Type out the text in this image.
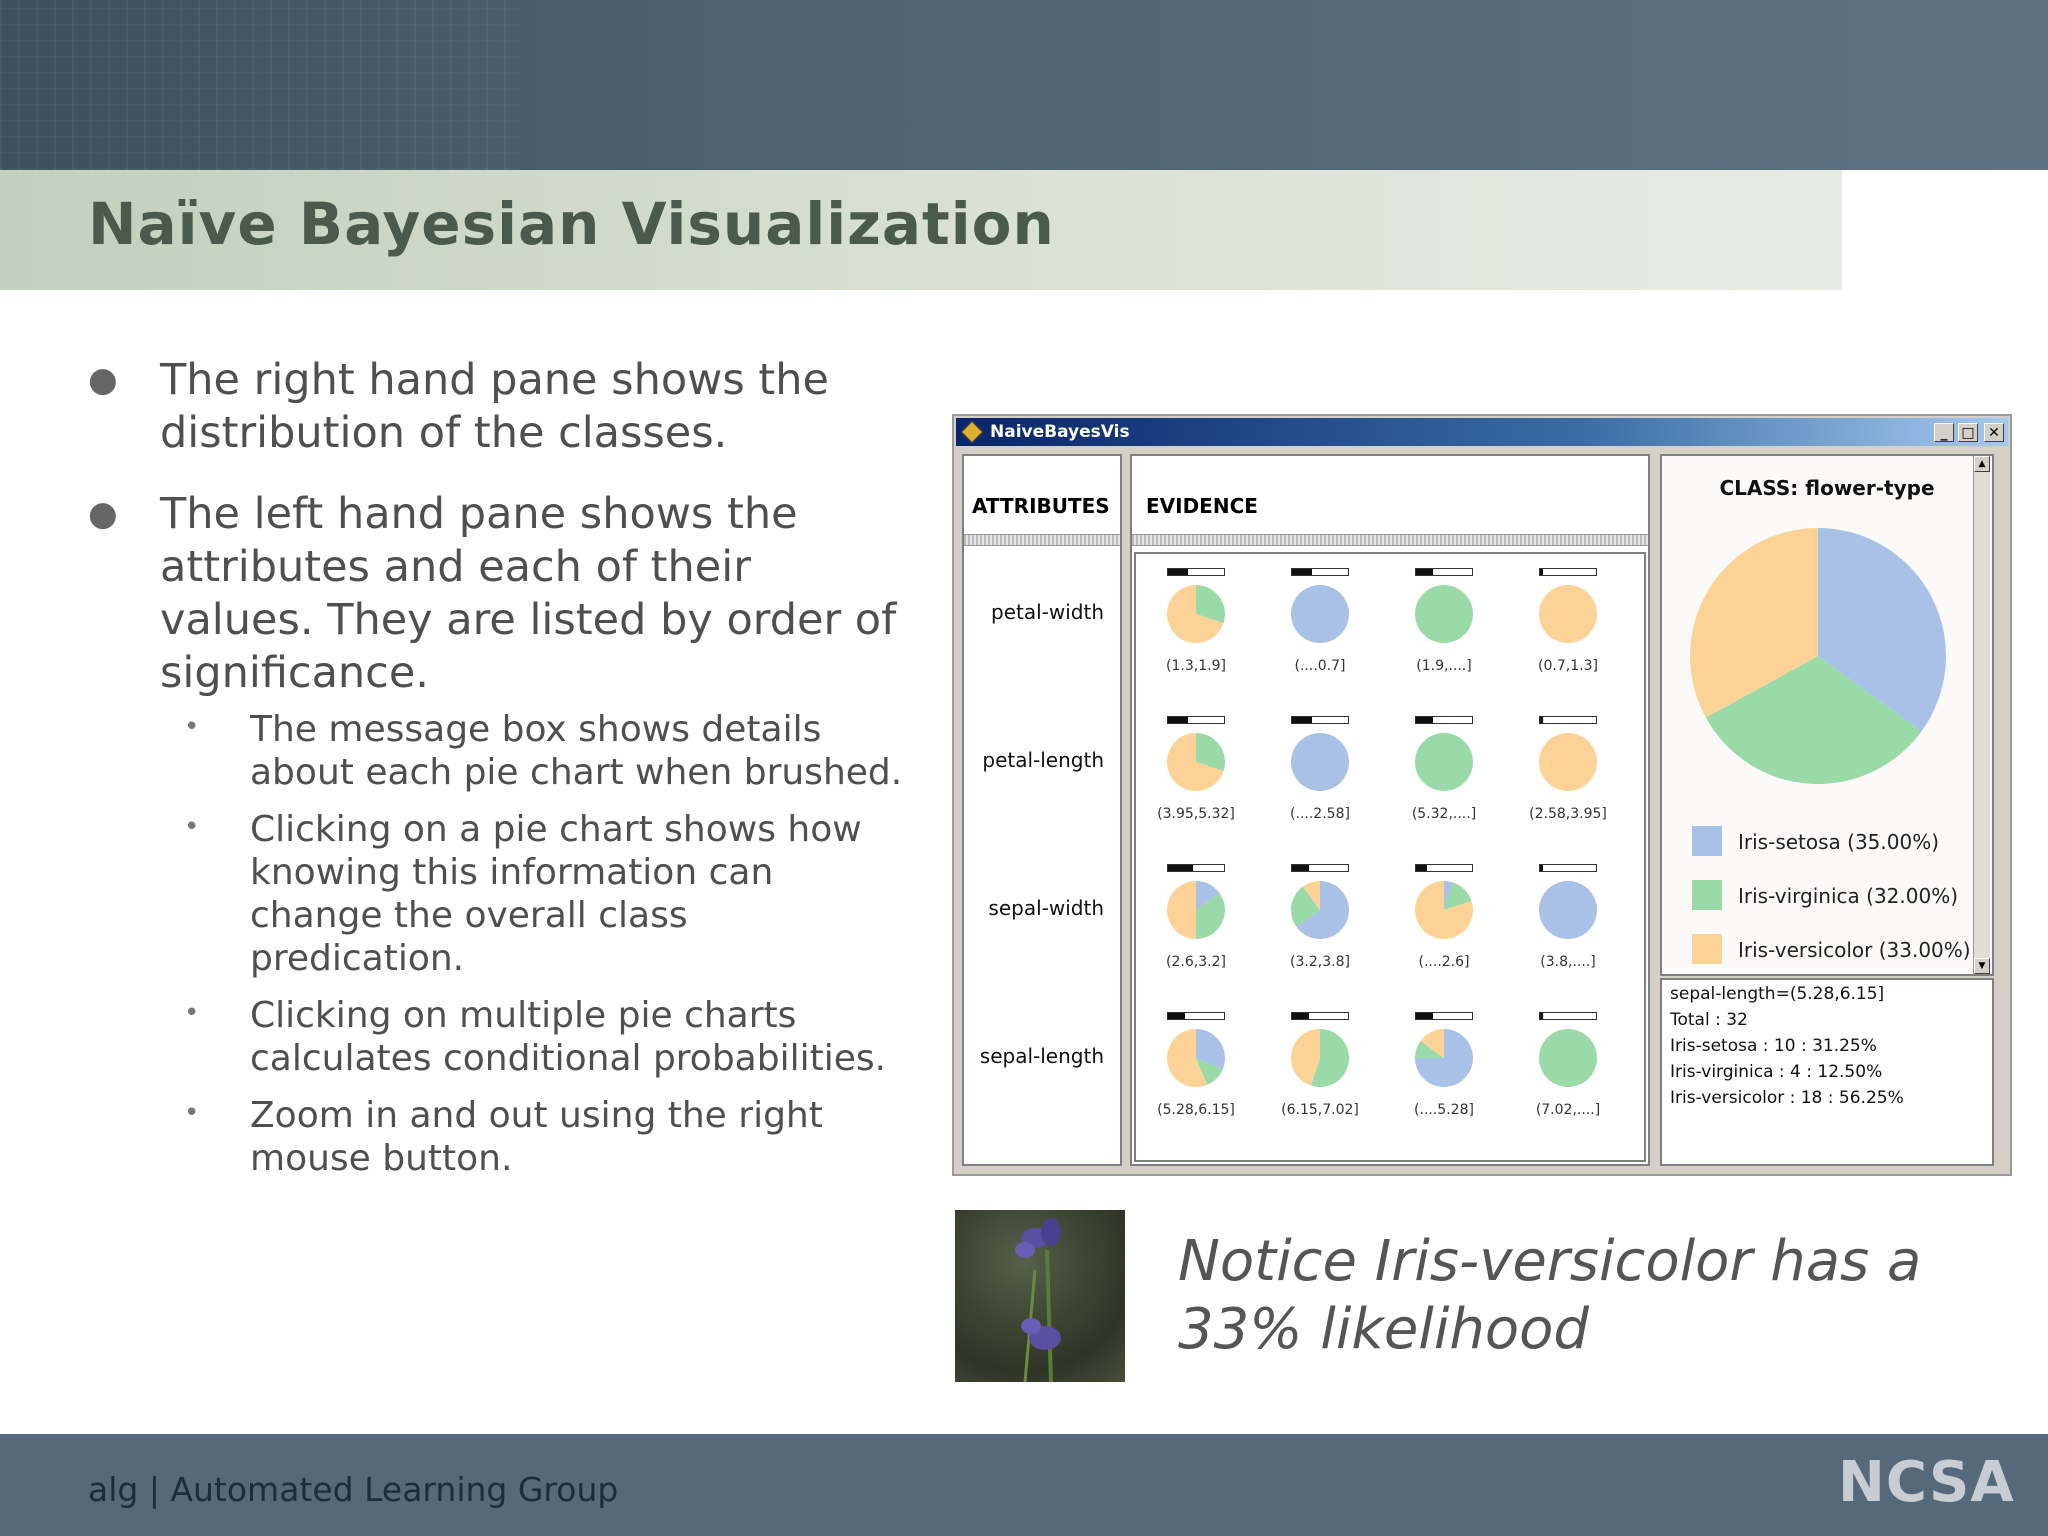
Naïve Bayesian Visualization
● The right hand pane shows the distribution of the classes.
● The left hand pane shows the attributes and each of their values. They are listed by order of significance.
• The message box shows details about each pie chart when brushed.
• Clicking on a pie chart shows how knowing this information can change the overall class predication.
• Clicking on multiple pie charts calculates conditional probabilities.
• Zoom in and out using the right mouse button.
NaiveBayesVis	_ □ ✕
ATTRIBUTES
petal-width
petal-length
sepal-width
sepal-length
EVIDENCE
(1.3,1.9]	(....0.7]	(1.9,....]	(0.7,1.3]
(3.95,5.32]	(....2.58]	(5.32,....]	(2.58,3.95]
(2.6,3.2]	(3.2,3.8]	(....2.6]	(3.8,....]
(5.28,6.15]	(6.15,7.02]	(....5.28]	(7.02,....]
CLASS: flower-type
Iris-setosa (35.00%)
Iris-virginica (32.00%)
Iris-versicolor (33.00%)
▲
▼
sepal-length=(5.28,6.15]
Total : 32
Iris-setosa : 10 : 31.25%
Iris-virginica : 4 : 12.50%
Iris-versicolor : 18 : 56.25%
Notice Iris-versicolor has a
33% likelihood
alg | Automated Learning Group	NCSA
